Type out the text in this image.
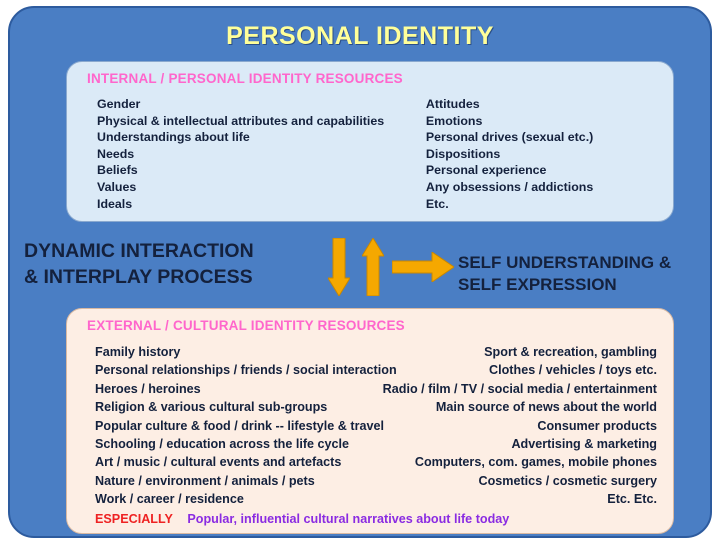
PERSONAL IDENTITY
INTERNAL / PERSONAL IDENTITY RESOURCES
Gender
Physical & intellectual attributes and capabilities
Understandings about life
Needs
Beliefs
Values
Ideals
Attitudes
Emotions
Personal drives (sexual etc.)
Dispositions
Personal experience
Any obsessions / addictions
Etc.
DYNAMIC INTERACTION
& INTERPLAY PROCESS
SELF UNDERSTANDING &
SELF EXPRESSION
EXTERNAL / CULTURAL IDENTITY RESOURCES
Family history	Sport & recreation, gambling
Personal relationships / friends / social interaction	Clothes / vehicles / toys etc.
Heroes / heroines	Radio / film / TV / social media / entertainment
Religion & various cultural sub-groups	Main source of news about the world
Popular culture & food / drink -- lifestyle & travel	Consumer products
Schooling / education across the life cycle	Advertising & marketing
Art / music / cultural events and artefacts	Computers, com. games, mobile phones
Nature / environment / animals / pets	Cosmetics / cosmetic surgery
Work / career / residence	Etc. Etc.
ESPECIALLY Popular, influential cultural narratives about life today
